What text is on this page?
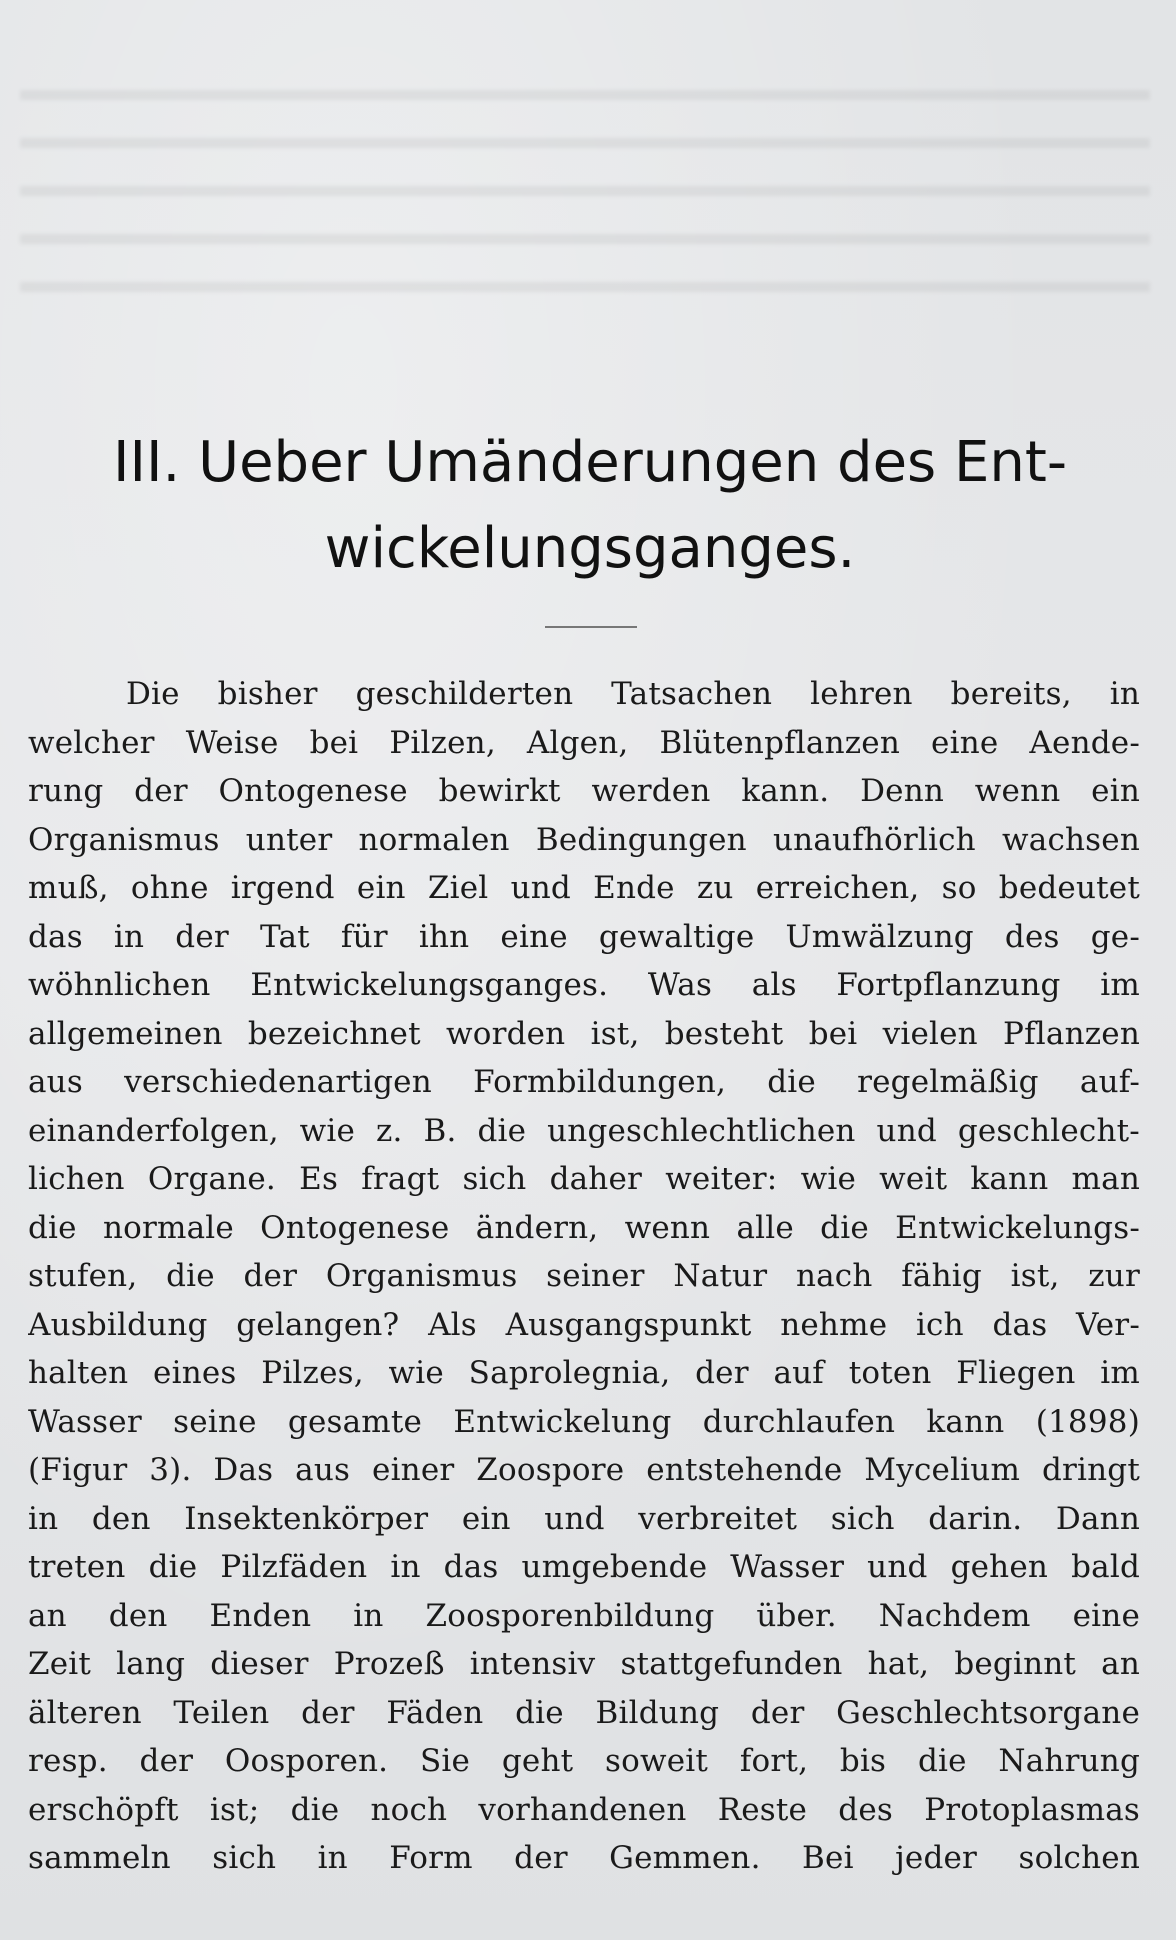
III. Ueber Umänderungen des Ent-
wickelungsganges.
Die bisher geschilderten Tatsachen lehren bereits, in
welcher Weise bei Pilzen, Algen, Blütenpflanzen eine Aende-
rung der Ontogenese bewirkt werden kann. Denn wenn ein
Organismus unter normalen Bedingungen unaufhörlich wachsen
muß, ohne irgend ein Ziel und Ende zu erreichen, so bedeutet
das in der Tat für ihn eine gewaltige Umwälzung des ge-
wöhnlichen Entwickelungsganges. Was als Fortpflanzung im
allgemeinen bezeichnet worden ist, besteht bei vielen Pflanzen
aus verschiedenartigen Formbildungen, die regelmäßig auf-
einanderfolgen, wie z. B. die ungeschlechtlichen und geschlecht-
lichen Organe. Es fragt sich daher weiter: wie weit kann man
die normale Ontogenese ändern, wenn alle die Entwickelungs-
stufen, die der Organismus seiner Natur nach fähig ist, zur
Ausbildung gelangen? Als Ausgangspunkt nehme ich das Ver-
halten eines Pilzes, wie Saprolegnia, der auf toten Fliegen im
Wasser seine gesamte Entwickelung durchlaufen kann (1898)
(Figur 3). Das aus einer Zoospore entstehende Mycelium dringt
in den Insektenkörper ein und verbreitet sich darin. Dann
treten die Pilzfäden in das umgebende Wasser und gehen bald
an den Enden in Zoosporenbildung über. Nachdem eine
Zeit lang dieser Prozeß intensiv stattgefunden hat, beginnt an
älteren Teilen der Fäden die Bildung der Geschlechtsorgane
resp. der Oosporen. Sie geht soweit fort, bis die Nahrung
erschöpft ist; die noch vorhandenen Reste des Protoplasmas
sammeln sich in Form der Gemmen. Bei jeder solchen
